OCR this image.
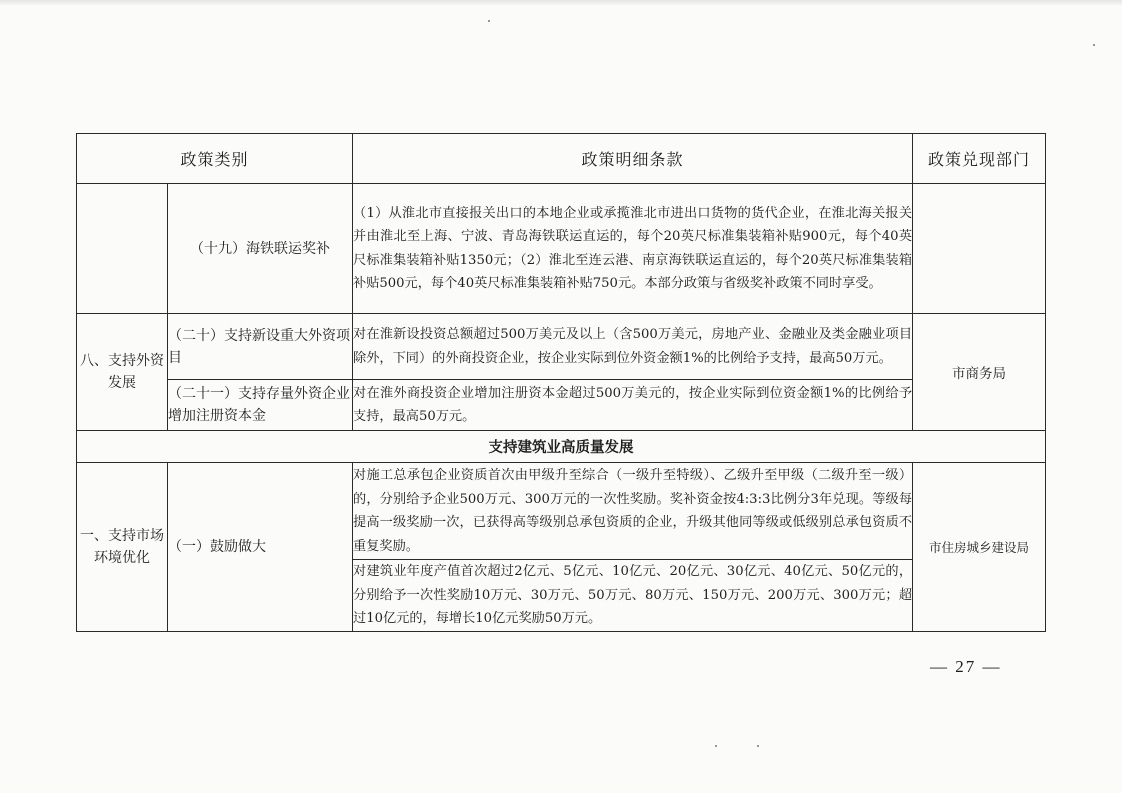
政策类别		政策明细条款	政策兑现部门
	（十九）海铁联运奖补	（1）从淮北市直接报关出口的本地企业或承揽淮北市进出口货物的货代企业，在淮北海关报关并由淮北至上海、宁波、青岛海铁联运直运的，每个20英尺标准集装箱补贴900元，每个40英尺标准集装箱补贴1350元；（2）淮北至连云港、南京海铁联运直运的，每个20英尺标准集装箱补贴500元，每个40英尺标准集装箱补贴750元。本部分政策与省级奖补政策不同时享受。	
八、支持外资发展	（二十）支持新设重大外资项目	对在淮新设投资总额超过500万美元及以上（含500万美元，房地产业、金融业及类金融业项目除外，下同）的外商投资企业，按企业实际到位外资金额1%的比例给予支持，最高50万元。	市商务局
	（二十一）支持存量外资企业增加注册资本金	对在淮外商投资企业增加注册资本金超过500万美元的，按企业实际到位资金额1%的比例给予支持，最高50万元。	
支持建筑业高质量发展			
一、支持市场环境优化	（一）鼓励做大	对施工总承包企业资质首次由甲级升至综合（一级升至特级）、乙级升至甲级（二级升至一级）的，分别给予企业500万元、300万元的一次性奖励。奖补资金按4:3:3比例分3年兑现。等级每提高一级奖励一次，已获得高等级别总承包资质的企业，升级其他同等级或低级别总承包资质不重复奖励。	市住房城乡建设局
		对建筑业年度产值首次超过2亿元、5亿元、10亿元、20亿元、30亿元、40亿元、50亿元的，分别给予一次性奖励10万元、30万元、50万元、80万元、150万元、200万元、300万元；超过10亿元的，每增长10亿元奖励50万元。	
— 27 —
